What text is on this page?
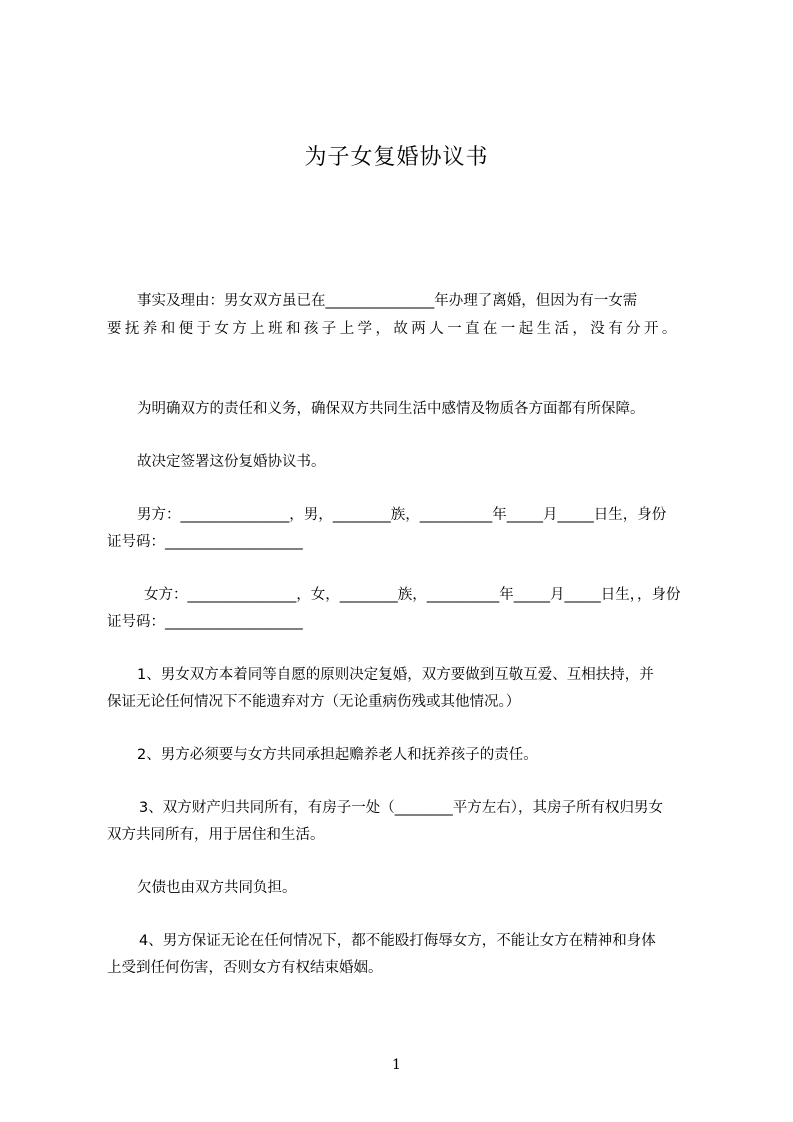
为子女复婚协议书
事实及理由：男女双方虽已在_______________年办理了离婚，但因为有一女需
要抚养和便于女方上班和孩子上学，故两人一直在一起生活，没有分开。
为明确双方的责任和义务，确保双方共同生活中感情及物质各方面都有所保障。
故决定签署这份复婚协议书。
男方：_______________，男，________族，__________年_____月_____日生，身份
证号码：___________________
女方：_______________，女，________族，__________年_____月_____日生，，身份
证号码：___________________
1、男女双方本着同等自愿的原则决定复婚，双方要做到互敬互爱、互相扶持，并
保证无论任何情况下不能遗弃对方（无论重病伤残或其他情况。）
2、男方必须要与女方共同承担起赡养老人和抚养孩子的责任。
3、双方财产归共同所有，有房子一处（________平方左右），其房子所有权归男女
双方共同所有，用于居住和生活。
欠债也由双方共同负担。
4、男方保证无论在任何情况下，都不能殴打侮辱女方，不能让女方在精神和身体
上受到任何伤害，否则女方有权结束婚姻。
1
